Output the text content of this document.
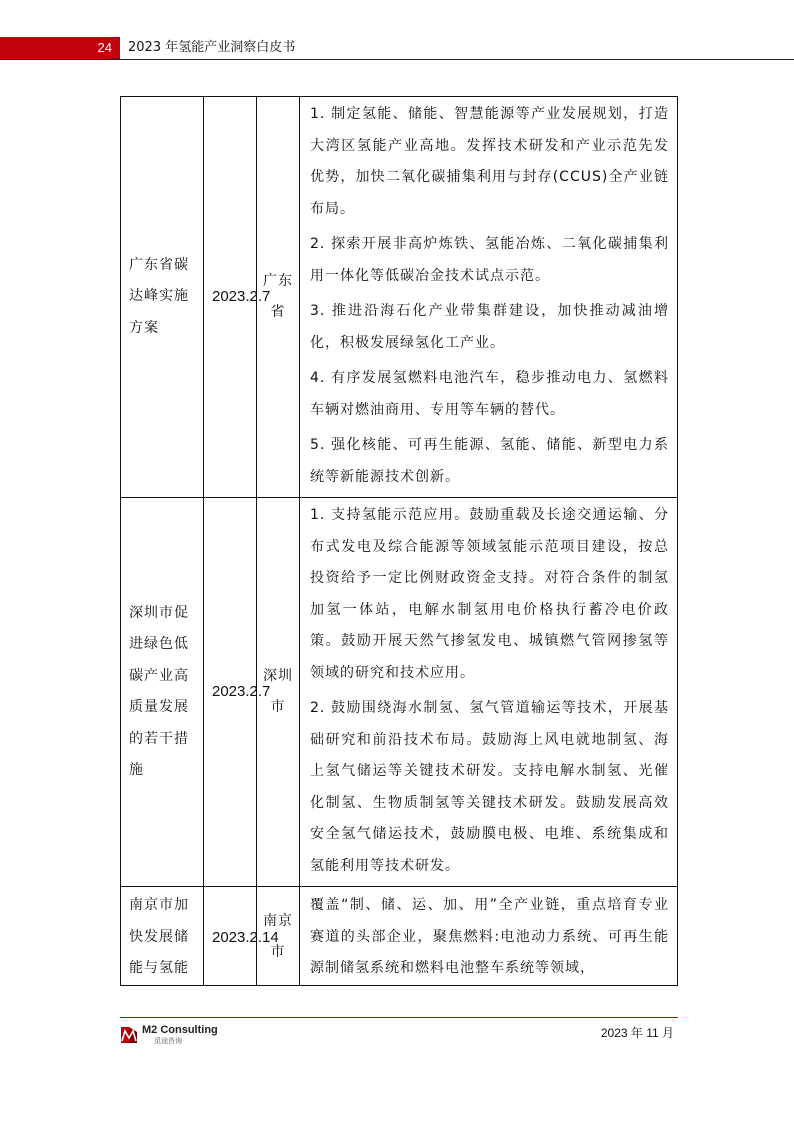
24	2023 年氢能产业洞察白皮书
广东省碳达峰实施方案	2023.2.7	广东省	1. 制定氢能、储能、智慧能源等产业发展规划，打造大湾区氢能产业高地。发挥技术研发和产业示范先发优势，加快二氧化碳捕集利用与封存(CCUS)全产业链布局。
2. 探索开展非高炉炼铁、氢能冶炼、二氧化碳捕集利用一体化等低碳冶金技术试点示范。
3. 推进沿海石化产业带集群建设，加快推动减油增化，积极发展绿氢化工产业。
4. 有序发展氢燃料电池汽车，稳步推动电力、氢燃料车辆对燃油商用、专用等车辆的替代。
5. 强化核能、可再生能源、氢能、储能、新型电力系统等新能源技术创新。

深圳市促进绿色低碳产业高质量发展的若干措施	2023.2.7	深圳市	1. 支持氢能示范应用。鼓励重载及长途交通运输、分布式发电及综合能源等领域氢能示范项目建设，按总投资给予一定比例财政资金支持。对符合条件的制氢加氢一体站，电解水制氢用电价格执行蓄冷电价政策。鼓励开展天然气掺氢发电、城镇燃气管网掺氢等领域的研究和技术应用。
2. 鼓励围绕海水制氢、氢气管道输运等技术，开展基础研究和前沿技术布局。鼓励海上风电就地制氢、海上氢气储运等关键技术研发。支持电解水制氢、光催化制氢、生物质制氢等关键技术研发。鼓励发展高效安全氢气储运技术，鼓励膜电极、电堆、系统集成和氢能利用等技术研发。

南京市加快发展储能与氢能	2023.2.14	南京市	覆盖“制、储、运、加、用”全产业链，重点培育专业赛道的头部企业，聚焦燃料:电池动力系统、可再生能源制储氢系统和燃料电池整车系统等领域，
M2 Consulting
觅途咨询
2023 年 11 月
